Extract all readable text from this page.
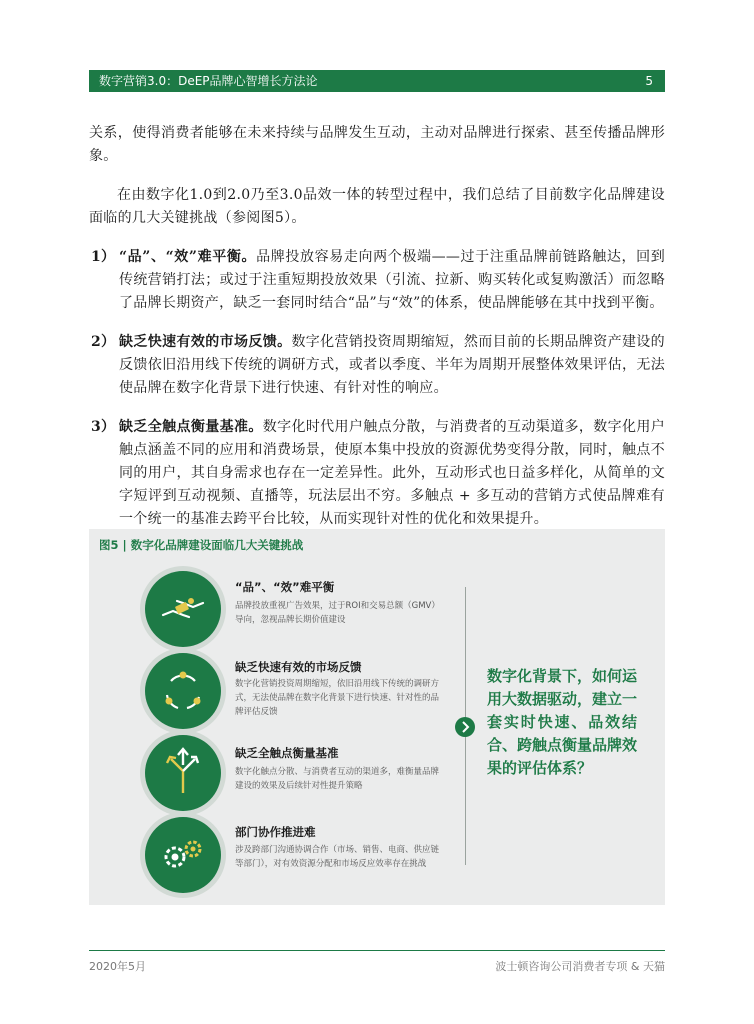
数字营销3.0：DeEP品牌心智增长方法论	5

关系，使得消费者能够在未来持续与品牌发生互动，主动对品牌进行探索、甚至传播品牌形象。

在由数字化1.0到2.0乃至3.0品效一体的转型过程中，我们总结了目前数字化品牌建设面临的几大关键挑战（参阅图5）。

1） “品”、“效”难平衡。品牌投放容易走向两个极端——过于注重品牌前链路触达，回到传统营销打法；或过于注重短期投放效果（引流、拉新、购买转化或复购激活）而忽略了品牌长期资产，缺乏一套同时结合“品”与“效”的体系，使品牌能够在其中找到平衡。
2） 缺乏快速有效的市场反馈。数字化营销投资周期缩短，然而目前的长期品牌资产建设的反馈依旧沿用线下传统的调研方式，或者以季度、半年为周期开展整体效果评估，无法使品牌在数字化背景下进行快速、有针对性的响应。
3） 缺乏全触点衡量基准。数字化时代用户触点分散，与消费者的互动渠道多，数字化用户触点涵盖不同的应用和消费场景，使原本集中投放的资源优势变得分散，同时，触点不同的用户，其自身需求也存在一定差异性。此外，互动形式也日益多样化，从简单的文字短评到互动视频、直播等，玩法层出不穷。多触点 + 多互动的营销方式使品牌难有一个统一的基准去跨平台比较，从而实现针对性的优化和效果提升。
图5 | 数字化品牌建设面临几大关键挑战
“品”、“效”难平衡
品牌投放重视广告效果，过于ROI和交易总额（GMV）导向，忽视品牌长期价值建设
缺乏快速有效的市场反馈
数字化营销投资周期缩短，依旧沿用线下传统的调研方式，无法使品牌在数字化背景下进行快速、针对性的品牌评估反馈
缺乏全触点衡量基准
数字化触点分散、与消费者互动的渠道多，难衡量品牌建设的效果及后续针对性提升策略
部门协作推进难
涉及跨部门沟通协调合作（市场、销售、电商、供应链等部门），对有效资源分配和市场反应效率存在挑战
数字化背景下，如何运用大数据驱动，建立一套实时快速、品效结合、跨触点衡量品牌效果的评估体系？
2020年5月	波士顿咨询公司消费者专项 & 天猫
